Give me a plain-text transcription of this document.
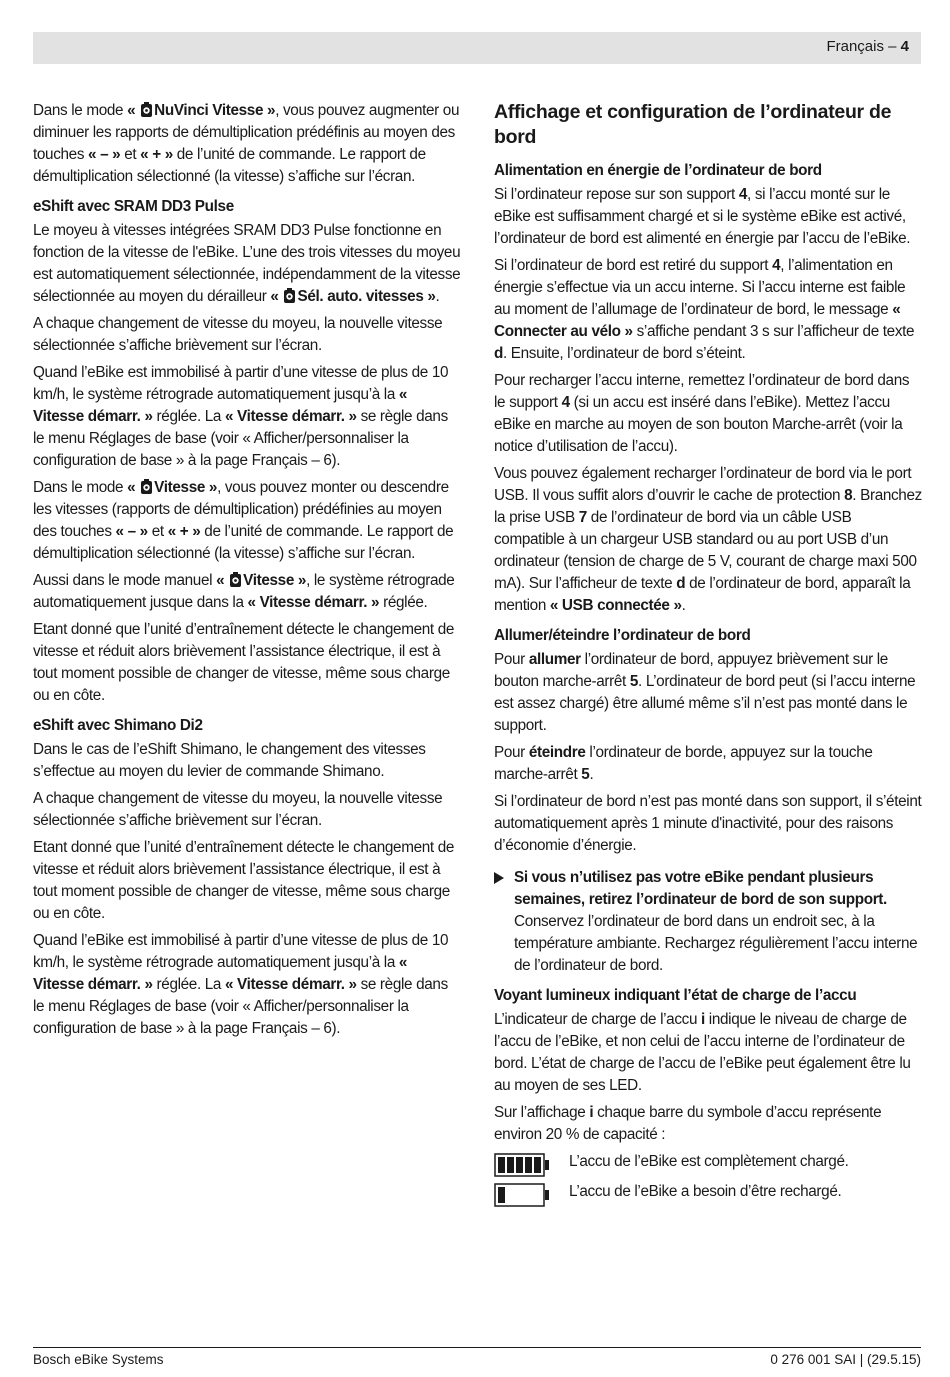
Français – 4

Dans le mode « NuVinci Vitesse », vous pouvez augmenter ou diminuer les rapports de démultiplication prédéfinis au moyen des touches « – » et « + » de l’unité de commande. Le rapport de démultiplication sélectionné (la vitesse) s’affiche sur l’écran.

eShift avec SRAM DD3 Pulse

Le moyeu à vitesses intégrées SRAM DD3 Pulse fonctionne en fonction de la vitesse de l'eBike. L’une des trois vitesses du moyeu est automatiquement sélectionnée, indépendamment de la vitesse sélectionnée au moyen du dérailleur « Sél. auto. vitesses ».

A chaque changement de vitesse du moyeu, la nouvelle vitesse sélectionnée s’affiche brièvement sur l’écran.

Quand l’eBike est immobilisé à partir d’une vitesse de plus de 10 km/h, le système rétrograde automatiquement jusqu’à la « Vitesse démarr. » réglée. La « Vitesse démarr. » se règle dans le menu Réglages de base (voir « Afficher/personnaliser la configuration de base » à la page Français – 6).

Dans le mode « Vitesse », vous pouvez monter ou descendre les vitesses (rapports de démultiplication) prédéfinies au moyen des touches « – » et « + » de l’unité de commande. Le rapport de démultiplication sélectionné (la vitesse) s’affiche sur l’écran.

Aussi dans le mode manuel « Vitesse », le système rétrograde automatiquement jusque dans la « Vitesse démarr. » réglée.

Etant donné que l’unité d’entraînement détecte le changement de vitesse et réduit alors brièvement l’assistance électrique, il est à tout moment possible de changer de vitesse, même sous charge ou en côte.

eShift avec Shimano Di2

Dans le cas de l’eShift Shimano, le changement des vitesses s’effectue au moyen du levier de commande Shimano.

A chaque changement de vitesse du moyeu, la nouvelle vitesse sélectionnée s’affiche brièvement sur l’écran.

Etant donné que l’unité d’entraînement détecte le changement de vitesse et réduit alors brièvement l’assistance électrique, il est à tout moment possible de changer de vitesse, même sous charge ou en côte.

Quand l’eBike est immobilisé à partir d’une vitesse de plus de 10 km/h, le système rétrograde automatiquement jusqu’à la « Vitesse démarr. » réglée. La « Vitesse démarr. » se règle dans le menu Réglages de base (voir « Afficher/personnaliser la configuration de base » à la page Français – 6).

Affichage et configuration de l’ordinateur de bord
Alimentation en énergie de l’ordinateur de bord

Si l’ordinateur repose sur son support 4, si l’accu monté sur le eBike est suffisamment chargé et si le système eBike est activé, l’ordinateur de bord est alimenté en énergie par l’accu de l’eBike.

Si l’ordinateur de bord est retiré du support 4, l’alimentation en énergie s’effectue via un accu interne. Si l’accu interne est faible au moment de l’allumage de l’ordinateur de bord, le message « Connecter au vélo » s’affiche pendant 3 s sur l’afficheur de texte d. Ensuite, l’ordinateur de bord s’éteint.

Pour recharger l’accu interne, remettez l’ordinateur de bord dans le support 4 (si un accu est inséré dans l’eBike). Mettez l’accu eBike en marche au moyen de son bouton Marche-arrêt (voir la notice d’utilisation de l’accu).

Vous pouvez également recharger l’ordinateur de bord via le port USB. Il vous suffit alors d’ouvrir le cache de protection 8. Branchez la prise USB 7 de l’ordinateur de bord via un câble USB compatible à un chargeur USB standard ou au port USB d’un ordinateur (tension de charge de 5 V, courant de charge maxi 500 mA). Sur l’afficheur de texte d de l’ordinateur de bord, apparaît la mention « USB connectée ».

Allumer/éteindre l’ordinateur de bord

Pour allumer l’ordinateur de bord, appuyez brièvement sur le bouton marche-arrêt 5. L’ordinateur de bord peut (si l’accu interne est assez chargé) être allumé même s’il n’est pas monté dans le support.

Pour éteindre l’ordinateur de borde, appuyez sur la touche marche-arrêt 5.

Si l’ordinateur de bord n’est pas monté dans son support, il s’éteint automatiquement après 1 minute d'inactivité, pour des raisons d’économie d’énergie.

Si vous n’utilisez pas votre eBike pendant plusieurs semaines, retirez l’ordinateur de bord de son support. Conservez l’ordinateur de bord dans un endroit sec, à la température ambiante. Rechargez régulièrement l’accu interne de l’ordinateur de bord.
Voyant lumineux indiquant l’état de charge de l’accu

L’indicateur de charge de l’accu i indique le niveau de charge de l’accu de l’eBike, et non celui de l’accu interne de l’ordinateur de bord. L’état de charge de l’accu de l’eBike peut également être lu au moyen de ses LED.

Sur l’affichage i chaque barre du symbole d’accu représente environ 20 % de capacité :

L’accu de l’eBike est complètement chargé.
L’accu de l’eBike a besoin d’être rechargé.
Bosch eBike Systems	0 276 001 SAI | (29.5.15)
